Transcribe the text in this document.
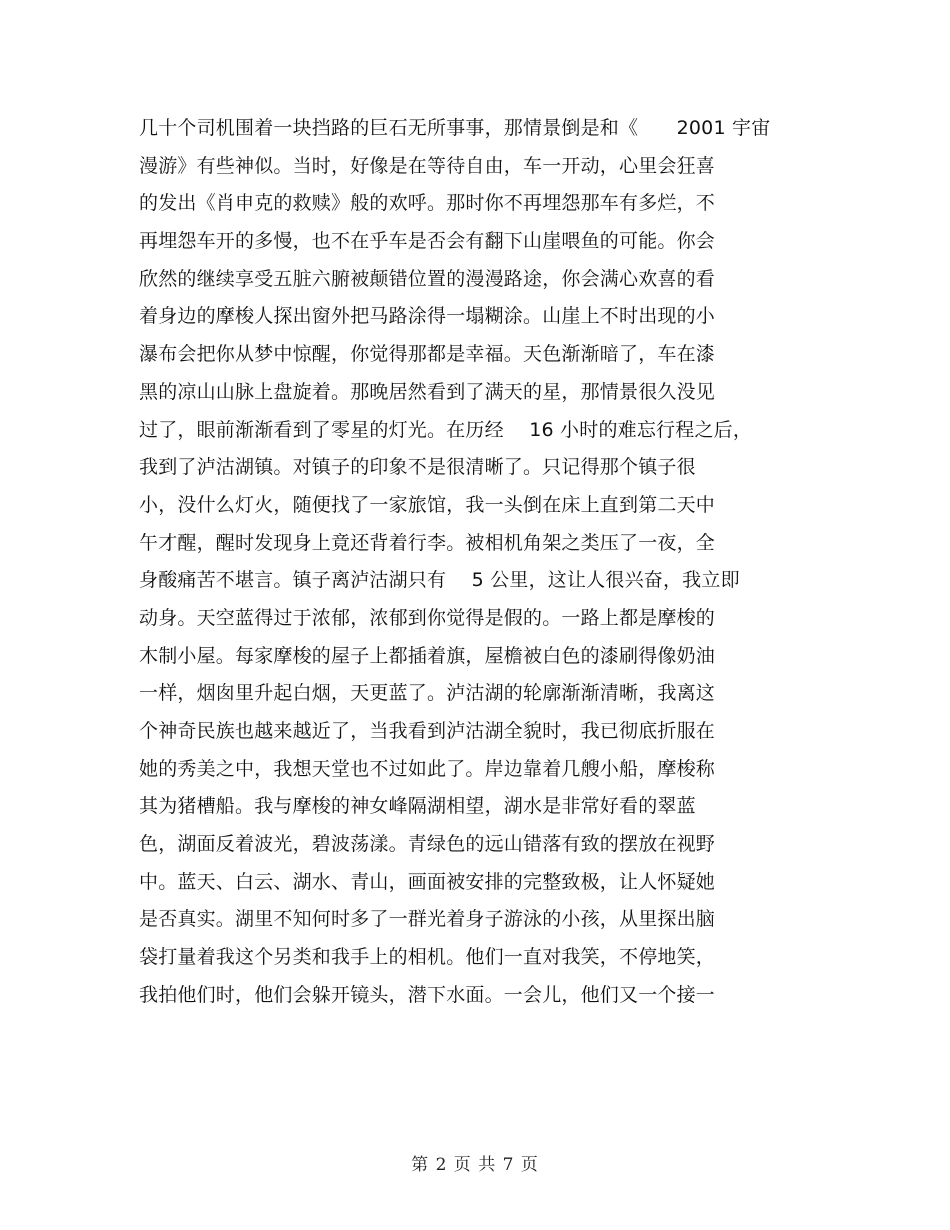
几十个司机围着一块挡路的巨石无所事事，那情景倒是和《　　2001 宇宙
漫游》有些神似。当时，好像是在等待自由，车一开动，心里会狂喜
的发出《肖申克的救赎》般的欢呼。那时你不再埋怨那车有多烂，不
再埋怨车开的多慢，也不在乎车是否会有翻下山崖喂鱼的可能。你会
欣然的继续享受五脏六腑被颠错位置的漫漫路途，你会满心欢喜的看
着身边的摩梭人探出窗外把马路涂得一塌糊涂。山崖上不时出现的小
瀑布会把你从梦中惊醒，你觉得那都是幸福。天色渐渐暗了，车在漆
黑的凉山山脉上盘旋着。那晚居然看到了满天的星，那情景很久没见
过了，眼前渐渐看到了零星的灯光。在历经　 16 小时的难忘行程之后，
我到了泸沽湖镇。对镇子的印象不是很清晰了。只记得那个镇子很
小，没什么灯火，随便找了一家旅馆，我一头倒在床上直到第二天中
午才醒，醒时发现身上竟还背着行李。被相机角架之类压了一夜，全
身酸痛苦不堪言。镇子离泸沽湖只有　 5 公里，这让人很兴奋，我立即
动身。天空蓝得过于浓郁，浓郁到你觉得是假的。一路上都是摩梭的
木制小屋。每家摩梭的屋子上都插着旗，屋檐被白色的漆刷得像奶油
一样，烟囱里升起白烟，天更蓝了。泸沽湖的轮廓渐渐清晰，我离这
个神奇民族也越来越近了，当我看到泸沽湖全貌时，我已彻底折服在
她的秀美之中，我想天堂也不过如此了。岸边靠着几艘小船，摩梭称
其为猪槽船。我与摩梭的神女峰隔湖相望，湖水是非常好看的翠蓝
色，湖面反着波光，碧波荡漾。青绿色的远山错落有致的摆放在视野
中。蓝天、白云、湖水、青山，画面被安排的完整致极，让人怀疑她
是否真实。湖里不知何时多了一群光着身子游泳的小孩，从里探出脑
袋打量着我这个另类和我手上的相机。他们一直对我笑，不停地笑，
我拍他们时，他们会躲开镜头，潜下水面。一会儿，他们又一个接一
第 2 页 共 7 页
